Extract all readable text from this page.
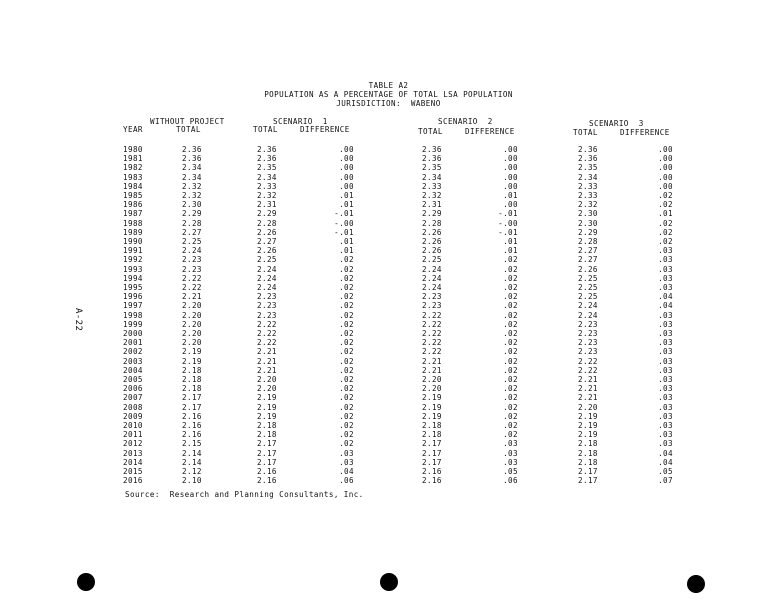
TABLE A2
POPULATION AS A PERCENTAGE OF TOTAL LSA POPULATION
JURISDICTION:  WABENO
WITHOUT PROJECT
YEAR	TOTAL
SCENARIO  1
TOTAL	DIFFERENCE
SCENARIO  2
TOTAL	DIFFERENCE
SCENARIO  3
TOTAL	DIFFERENCE
1980	2.36	2.36	.00	2.36	.00	2.36	.00
1981	2.36	2.36	.00	2.36	.00	2.36	.00
1982	2.34	2.35	.00	2.35	.00	2.35	.00
1983	2.34	2.34	.00	2.34	.00	2.34	.00
1984	2.32	2.33	.00	2.33	.00	2.33	.00
1985	2.32	2.32	.01	2.32	.01	2.33	.02
1986	2.30	2.31	.01	2.31	.00	2.32	.02
1987	2.29	2.29	-.01	2.29	-.01	2.30	.01
1988	2.28	2.28	-.00	2.28	-.00	2.30	.02
1989	2.27	2.26	-.01	2.26	-.01	2.29	.02
1990	2.25	2.27	.01	2.26	.01	2.28	.02
1991	2.24	2.26	.01	2.26	.01	2.27	.03
1992	2.23	2.25	.02	2.25	.02	2.27	.03
1993	2.23	2.24	.02	2.24	.02	2.26	.03
1994	2.22	2.24	.02	2.24	.02	2.25	.03
1995	2.22	2.24	.02	2.24	.02	2.25	.03
1996	2.21	2.23	.02	2.23	.02	2.25	.04
1997	2.20	2.23	.02	2.23	.02	2.24	.04
1998	2.20	2.23	.02	2.22	.02	2.24	.03
1999	2.20	2.22	.02	2.22	.02	2.23	.03
2000	2.20	2.22	.02	2.22	.02	2.23	.03
2001	2.20	2.22	.02	2.22	.02	2.23	.03
2002	2.19	2.21	.02	2.22	.02	2.23	.03
2003	2.19	2.21	.02	2.21	.02	2.22	.03
2004	2.18	2.21	.02	2.21	.02	2.22	.03
2005	2.18	2.20	.02	2.20	.02	2.21	.03
2006	2.18	2.20	.02	2.20	.02	2.21	.03
2007	2.17	2.19	.02	2.19	.02	2.21	.03
2008	2.17	2.19	.02	2.19	.02	2.20	.03
2009	2.16	2.19	.02	2.19	.02	2.19	.03
2010	2.16	2.18	.02	2.18	.02	2.19	.03
2011	2.16	2.18	.02	2.18	.02	2.19	.03
2012	2.15	2.17	.02	2.17	.03	2.18	.03
2013	2.14	2.17	.03	2.17	.03	2.18	.04
2014	2.14	2.17	.03	2.17	.03	2.18	.04
2015	2.12	2.16	.04	2.16	.05	2.17	.05
2016	2.10	2.16	.06	2.16	.06	2.17	.07
Source:  Research and Planning Consultants, Inc.
A-22
